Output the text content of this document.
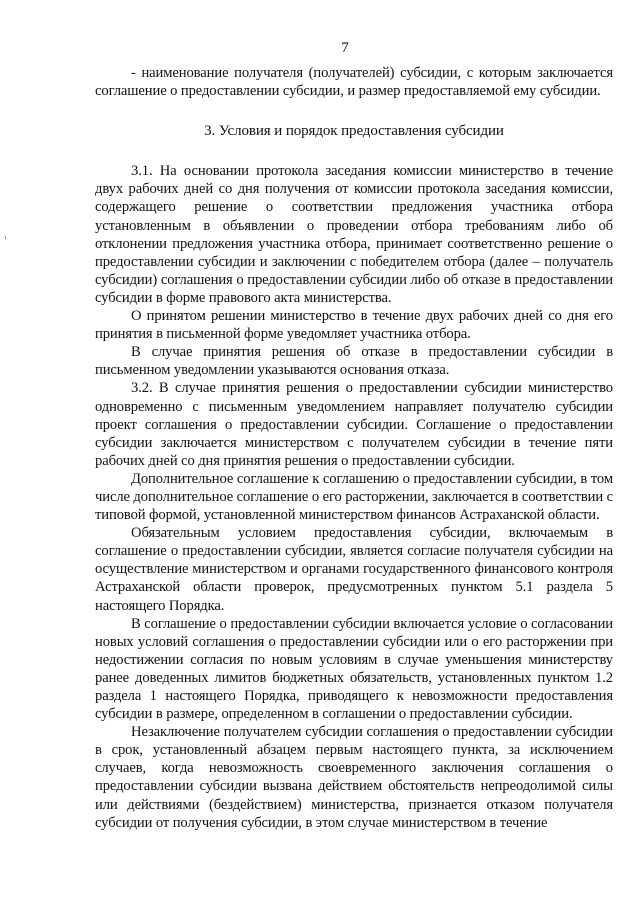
7

- наименование получателя (получателей) субсидии, с которым заключается соглашение о предоставлении субсидии, и размер предоставляемой ему субсидии.

3. Условия и порядок предоставления субсидии

3.1. На основании протокола заседания комиссии министерство в течение двух рабочих дней со дня получения от комиссии протокола заседания комиссии, содержащего решение о соответствии предложения участника отбора установленным в объявлении о проведении отбора требованиям либо об отклонении предложения участника отбора, принимает соответственно решение о предоставлении субсидии и заключении с победителем отбора (далее – получатель субсидии) соглашения о предоставлении субсидии либо об отказе в предоставлении субсидии в форме правового акта министерства.

О принятом решении министерство в течение двух рабочих дней со дня его принятия в письменной форме уведомляет участника отбора.

В случае принятия решения об отказе в предоставлении субсидии в письменном уведомлении указываются основания отказа.

3.2. В случае принятия решения о предоставлении субсидии министерство одновременно с письменным уведомлением направляет получателю субсидии проект соглашения о предоставлении субсидии. Соглашение о предоставлении субсидии заключается министерством с получателем субсидии в течение пяти рабочих дней со дня принятия решения о предоставлении субсидии.

Дополнительное соглашение к соглашению о предоставлении субсидии, в том числе дополнительное соглашение о его расторжении, заключается в соответствии с типовой формой, установленной министерством финансов Астраханской области.

Обязательным условием предоставления субсидии, включаемым в соглашение о предоставлении субсидии, является согласие получателя субсидии на осуществление министерством и органами государственного финансового контроля Астраханской области проверок, предусмотренных пунктом 5.1 раздела 5 настоящего Порядка.

В соглашение о предоставлении субсидии включается условие о согласовании новых условий соглашения о предоставлении субсидии или о его расторжении при недостижении согласия по новым условиям в случае уменьшения министерству ранее доведенных лимитов бюджетных обязательств, установленных пунктом 1.2 раздела 1 настоящего Порядка, приводящего к невозможности предоставления субсидии в размере, определенном в соглашении о предоставлении субсидии.

Незаключение получателем субсидии соглашения о предоставлении субсидии в срок, установленный абзацем первым настоящего пункта, за исключением случаев, когда невозможность своевременного заключения соглашения о предоставлении субсидии вызвана действием обстоятельств непреодолимой силы или действиями (бездействием) министерства, признается отказом получателя субсидии от получения субсидии, в этом случае министерством в течение
